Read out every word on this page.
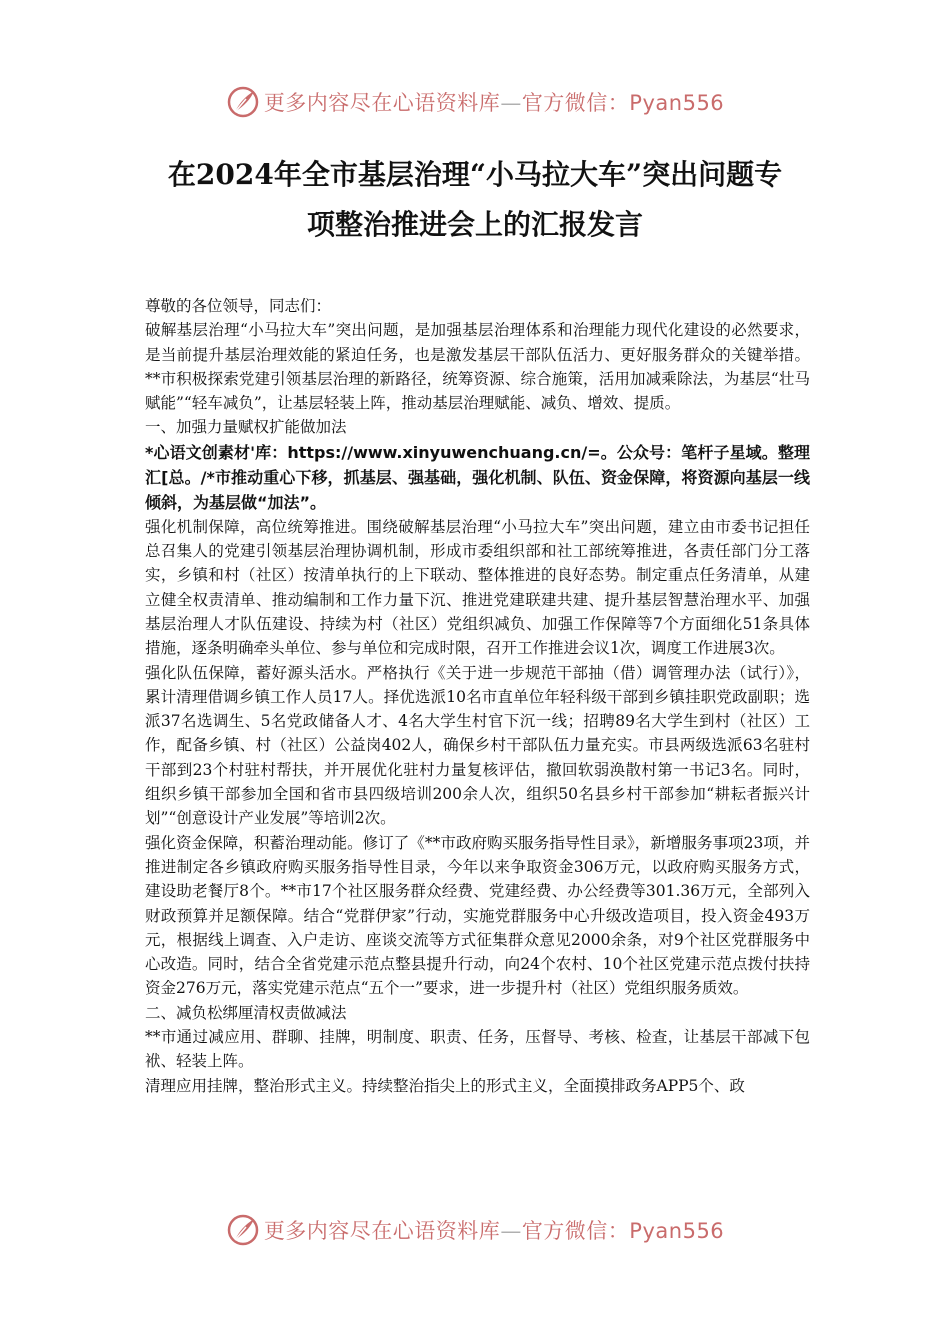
更多内容尽在心语资料库—官方微信：Pyan556
在2024年全市基层治理“小马拉大车”突出问题专
项整治推进会上的汇报发言

尊敬的各位领导，同志们：

破解基层治理“小马拉大车”突出问题，是加强基层治理体系和治理能力现代化建设的必然要求，是当前提升基层治理效能的紧迫任务，也是激发基层干部队伍活力、更好服务群众的关键举措。**市积极探索党建引领基层治理的新路径，统筹资源、综合施策，活用加减乘除法，为基层“壮马赋能”“轻车减负”，让基层轻装上阵，推动基层治理赋能、减负、增效、提质。

一、加强力量赋权扩能做加法

*心语文创素材'库：https://www.xinyuwenchuang.cn/=。公众号：笔杆子星域。整理汇[总。/*市推动重心下移，抓基层、强基础，强化机制、队伍、资金保障，将资源向基层一线倾斜，为基层做“加法”。

强化机制保障，高位统筹推进。围绕破解基层治理“小马拉大车”突出问题，建立由市委书记担任总召集人的党建引领基层治理协调机制，形成市委组织部和社工部统筹推进，各责任部门分工落实，乡镇和村（社区）按清单执行的上下联动、整体推进的良好态势。制定重点任务清单，从建立健全权责清单、推动编制和工作力量下沉、推进党建联建共建、提升基层智慧治理水平、加强基层治理人才队伍建设、持续为村（社区）党组织减负、加强工作保障等7个方面细化51条具体措施，逐条明确牵头单位、参与单位和完成时限，召开工作推进会议1次，调度工作进展3次。

强化队伍保障，蓄好源头活水。严格执行《关于进一步规范干部抽（借）调管理办法（试行）》，累计清理借调乡镇工作人员17人。择优选派10名市直单位年轻科级干部到乡镇挂职党政副职；选派37名选调生、5名党政储备人才、4名大学生村官下沉一线；招聘89名大学生到村（社区）工作，配备乡镇、村（社区）公益岗402人，确保乡村干部队伍力量充实。市县两级选派63名驻村干部到23个村驻村帮扶，并开展优化驻村力量复核评估，撤回软弱涣散村第一书记3名。同时，组织乡镇干部参加全国和省市县四级培训200余人次，组织50名县乡村干部参加“耕耘者振兴计划”“创意设计产业发展”等培训2次。

强化资金保障，积蓄治理动能。修订了《**市政府购买服务指导性目录》，新增服务事项23项，并推进制定各乡镇政府购买服务指导性目录，今年以来争取资金306万元，以政府购买服务方式，建设助老餐厅8个。**市17个社区服务群众经费、党建经费、办公经费等301.36万元，全部列入财政预算并足额保障。结合“党群伊家”行动，实施党群服务中心升级改造项目，投入资金493万元，根据线上调查、入户走访、座谈交流等方式征集群众意见2000余条，对9个社区党群服务中心改造。同时，结合全省党建示范点整县提升行动，向24个农村、10个社区党建示范点拨付扶持资金276万元，落实党建示范点“五个一”要求，进一步提升村（社区）党组织服务质效。

二、减负松绑厘清权责做减法

**市通过减应用、群聊、挂牌，明制度、职责、任务，压督导、考核、检查，让基层干部减下包袱、轻装上阵。

清理应用挂牌，整治形式主义。持续整治指尖上的形式主义，全面摸排政务APP5个、政

更多内容尽在心语资料库—官方微信：Pyan556
